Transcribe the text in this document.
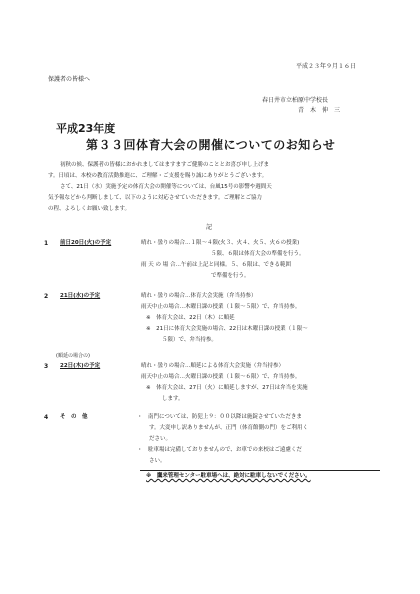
平成２３年９月１６日
保護者の皆様へ
春日井市立柏原中学校長
青　木　伸　三
平成23年度
第３３回体育大会の開催についてのお知らせ
初秋の候、保護者の皆様におかれましてはますますご健勝のこととお喜び申し上げま
す。日頃は、本校の教育活動推進に、ご理解・ご支援を賜り誠にありがとうございます。
さて、21日（水）実施予定の体育大会の開催等については、台風15号の影響や週間天
気予報などから判断しまして、以下のように対応させていただきます。ご理解とご協力
の程、よろしくお願い致します。
記
1 前日20日(火)の予定	晴れ・曇りの場合…１限～４限(火３、火４、火５、火６の授業)
５限、６限は体育大会の準備を行う。
雨 天 の 場 合…午前は上記と同様。５、６限は、できる範囲
で準備を行う。
2 21日(水)の予定	晴れ・曇りの場合…体育大会実施（弁当持参）
雨天中止の場合…木曜日課の授業（１限～５限）で、弁当持参。
※　体育大会は、22日（木）に順延
※　21日に体育大会実施の場合、22日は木曜日課の授業（１限～
５限）で、弁当持参。
(順延の場合の)
3 22日(木)の予定	晴れ・曇りの場合…順延による体育大会実施（弁当持参）
雨天中止の場合…火曜日課の授業（１限～６限）で、弁当持参。
※　体育大会は、27日（火）に順延しますが、27日は弁当を実施
します。
4 そ　の　他	・　南門については、防犯上９：００以降は施錠させていただきま
す。大変申し訳ありませんが、正門（体育館側の門）をご利用く
ださい。
・　駐車場は完備しておりませんので、お車での来校はご遠慮くだ
さい。
※　鷹来管理センター駐車場へは、絶対に駐車しないでください。
